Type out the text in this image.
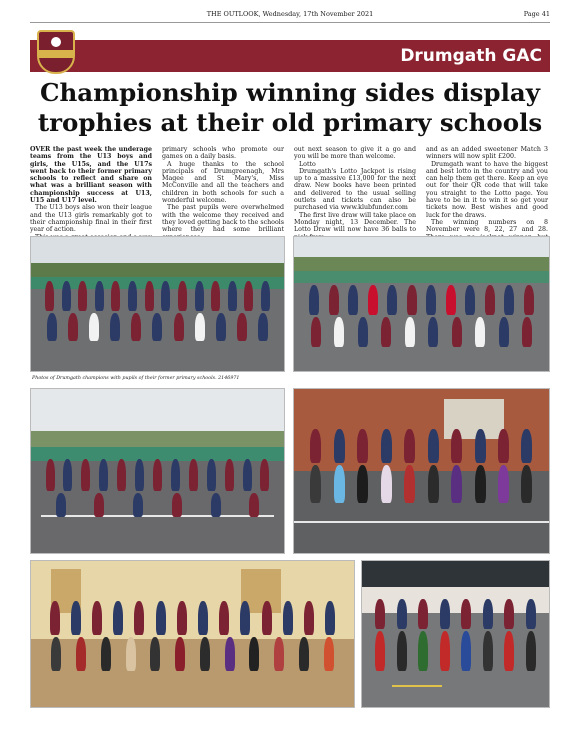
THE OUTLOOK, Wednesday, 17th November 2021	Page 41
Drumgath GAC
Championship winning sides display trophies at their old primary schools

OVER the past week the underage teams from the U13 boys and girls, the U15s, and the U17s went back to their former primary schools to reflect and share on what was a brilliant season with championship success at U13, U15 and U17 level.

The U13 boys also won their league and the U13 girls remarkably got to their championship final in their first year of action.

primary schools who promote our games on a daily basis.

A huge thanks to the school principals of Drumgreenagh, Mrs Magee and St Mary's, Miss McConville and all the teachers and children in both schools for such a wonderful welcome.

The past pupils were overwhelmed with the welcome they received and they loved getting back to the schools where they had some brilliant

out next season to give it a go and you will be more than welcome.

Lotto

Drumgath's Lotto Jackpot is rising up to a massive £13,000 for the next draw. New books have been printed and delivered to the usual selling outlets and tickets can also be purchased via www.klubfunder.com

The first live draw will take place on Monday night, 13 December. The Lotto Draw will now have 36 balls to

and as an added sweetener Match 3 winners will now split £200.

Drumgath want to have the biggest and best lotto in the country and you can help them get there. Keep an eye out for their QR code that will take you straight to the Lotto page. You have to be in it to win it so get your tickets now. Best wishes and good luck for the draws.

The winning numbers on 8 November were 8, 22, 27 and 28.

Photos of Drumgath champions with pupils of their former primary schools. 2146971
